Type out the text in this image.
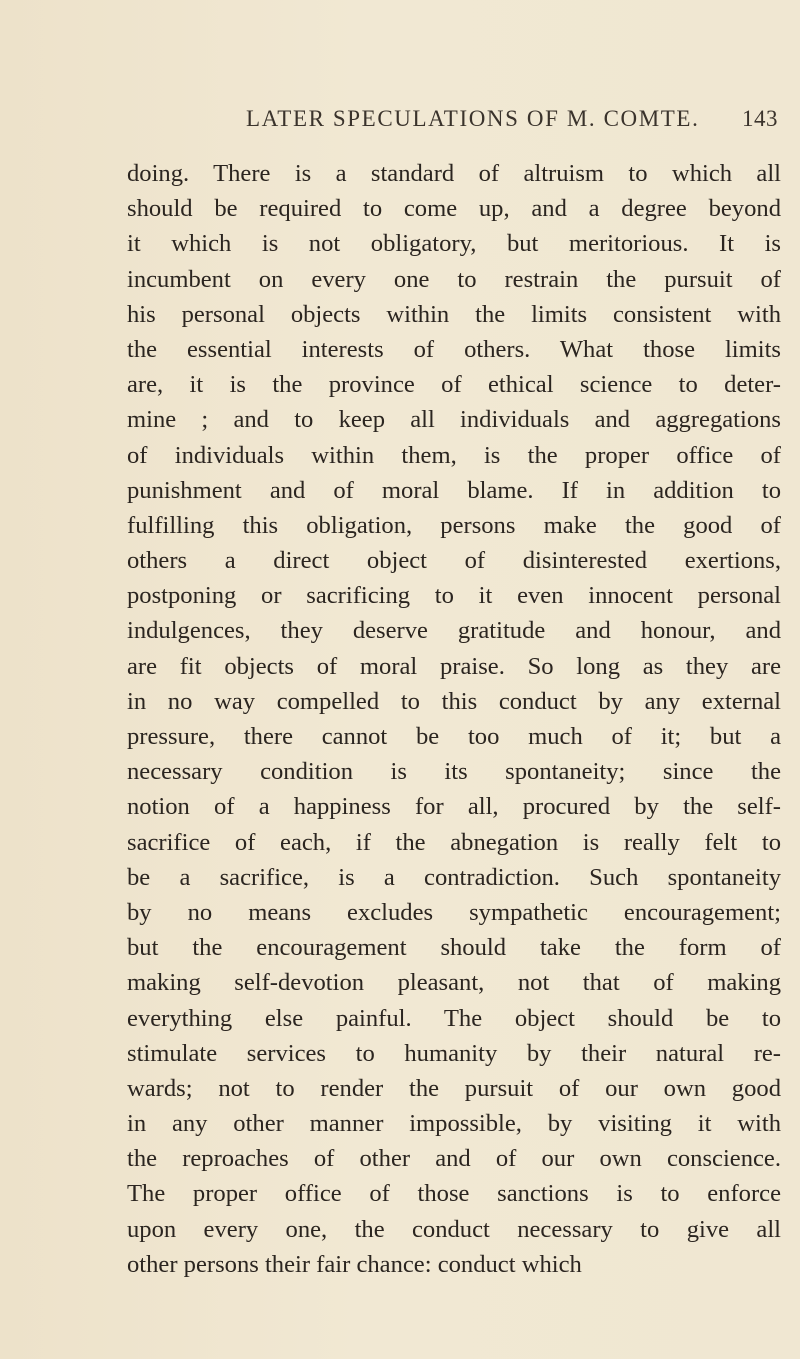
LATER SPECULATIONS OF M. COMTE. 143
doing. There is a standard of altruism to which all
should be required to come up, and a degree beyond
it which is not obligatory, but meritorious. It is
incumbent on every one to restrain the pursuit of
his personal objects within the limits consistent with
the essential interests of others. What those limits
are, it is the province of ethical science to deter-
mine ; and to keep all individuals and aggregations
of individuals within them, is the proper office of
punishment and of moral blame. If in addition to
fulfilling this obligation, persons make the good of
others a direct object of disinterested exertions,
postponing or sacrificing to it even innocent personal
indulgences, they deserve gratitude and honour, and
are fit objects of moral praise. So long as they are
in no way compelled to this conduct by any external
pressure, there cannot be too much of it; but a
necessary condition is its spontaneity; since the
notion of a happiness for all, procured by the self-
sacrifice of each, if the abnegation is really felt to
be a sacrifice, is a contradiction. Such spontaneity
by no means excludes sympathetic encouragement;
but the encouragement should take the form of
making self-devotion pleasant, not that of making
everything else painful. The object should be to
stimulate services to humanity by their natural re-
wards; not to render the pursuit of our own good
in any other manner impossible, by visiting it with
the reproaches of other and of our own conscience.
The proper office of those sanctions is to enforce
upon every one, the conduct necessary to give all
other persons their fair chance: conduct which
